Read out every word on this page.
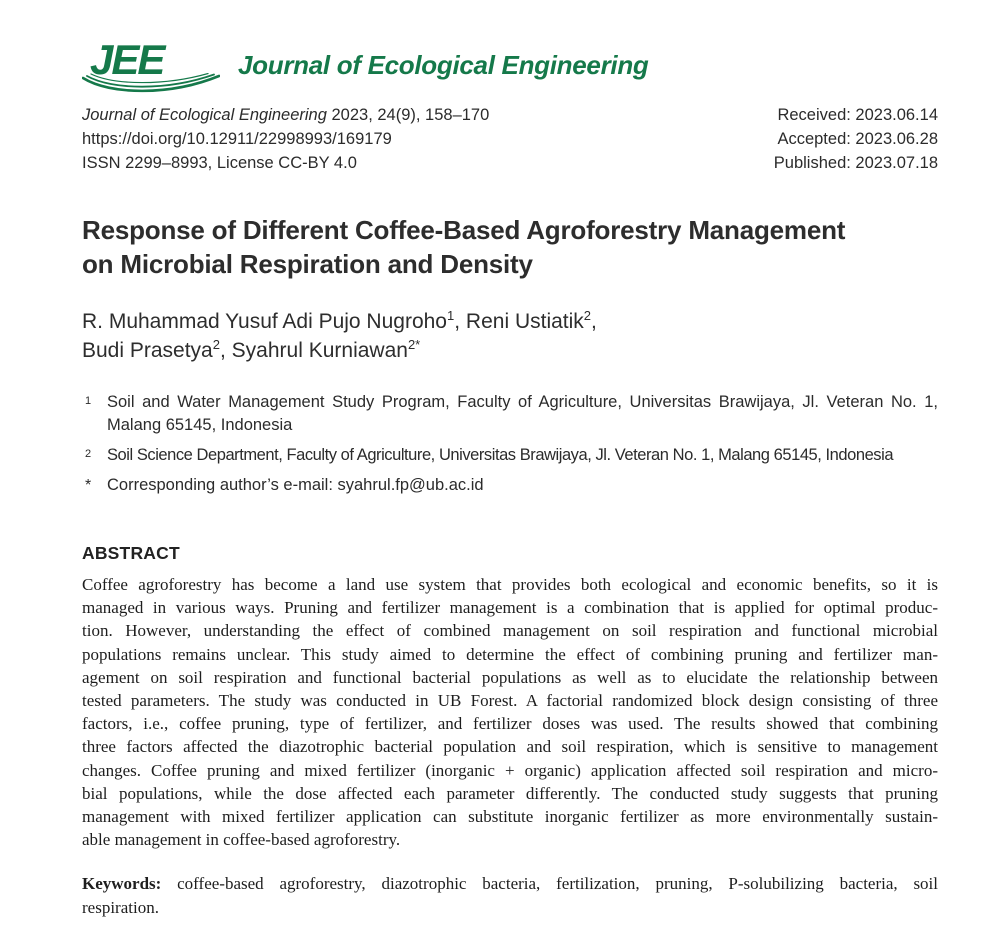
JEE	Journal of Ecological Engineering
Journal of Ecological Engineering 2023, 24(9), 158–170
https://doi.org/10.12911/22998993/169179
ISSN 2299–8993, License CC-BY 4.0
Received: 2023.06.14
Accepted: 2023.06.28
Published: 2023.07.18
Response of Different Coffee-Based Agroforestry Management
on Microbial Respiration and Density
R. Muhammad Yusuf Adi Pujo Nugroho$^1$, Reni Ustiatik$^2$,
Budi Prasetya$^2$, Syahrul Kurniawan$^{2*}$
1 Soil and Water Management Study Program, Faculty of Agriculture, Universitas Brawijaya, Jl. Veteran No. 1, Malang 65145, Indonesia
2 Soil Science Department, Faculty of Agriculture, Universitas Brawijaya, Jl. Veteran No. 1, Malang 65145, Indonesia
* Corresponding author’s e-mail: syahrul.fp@ub.ac.id
ABSTRACT
Coffee agroforestry has become a land use system that provides both ecological and economic benefits, so it is
managed in various ways. Pruning and fertilizer management is a combination that is applied for optimal produc-
tion. However, understanding the effect of combined management on soil respiration and functional microbial
populations remains unclear. This study aimed to determine the effect of combining pruning and fertilizer man-
agement on soil respiration and functional bacterial populations as well as to elucidate the relationship between
tested parameters. The study was conducted in UB Forest. A factorial randomized block design consisting of three
factors, i.e., coffee pruning, type of fertilizer, and fertilizer doses was used. The results showed that combining
three factors affected the diazotrophic bacterial population and soil respiration, which is sensitive to management
changes. Coffee pruning and mixed fertilizer (inorganic + organic) application affected soil respiration and micro-
bial populations, while the dose affected each parameter differently. The conducted study suggests that pruning
management with mixed fertilizer application can substitute inorganic fertilizer as more environmentally sustain-
able management in coffee-based agroforestry.
Keywords: coffee-based agroforestry, diazotrophic bacteria, fertilization, pruning, P-solubilizing bacteria, soil
respiration.
